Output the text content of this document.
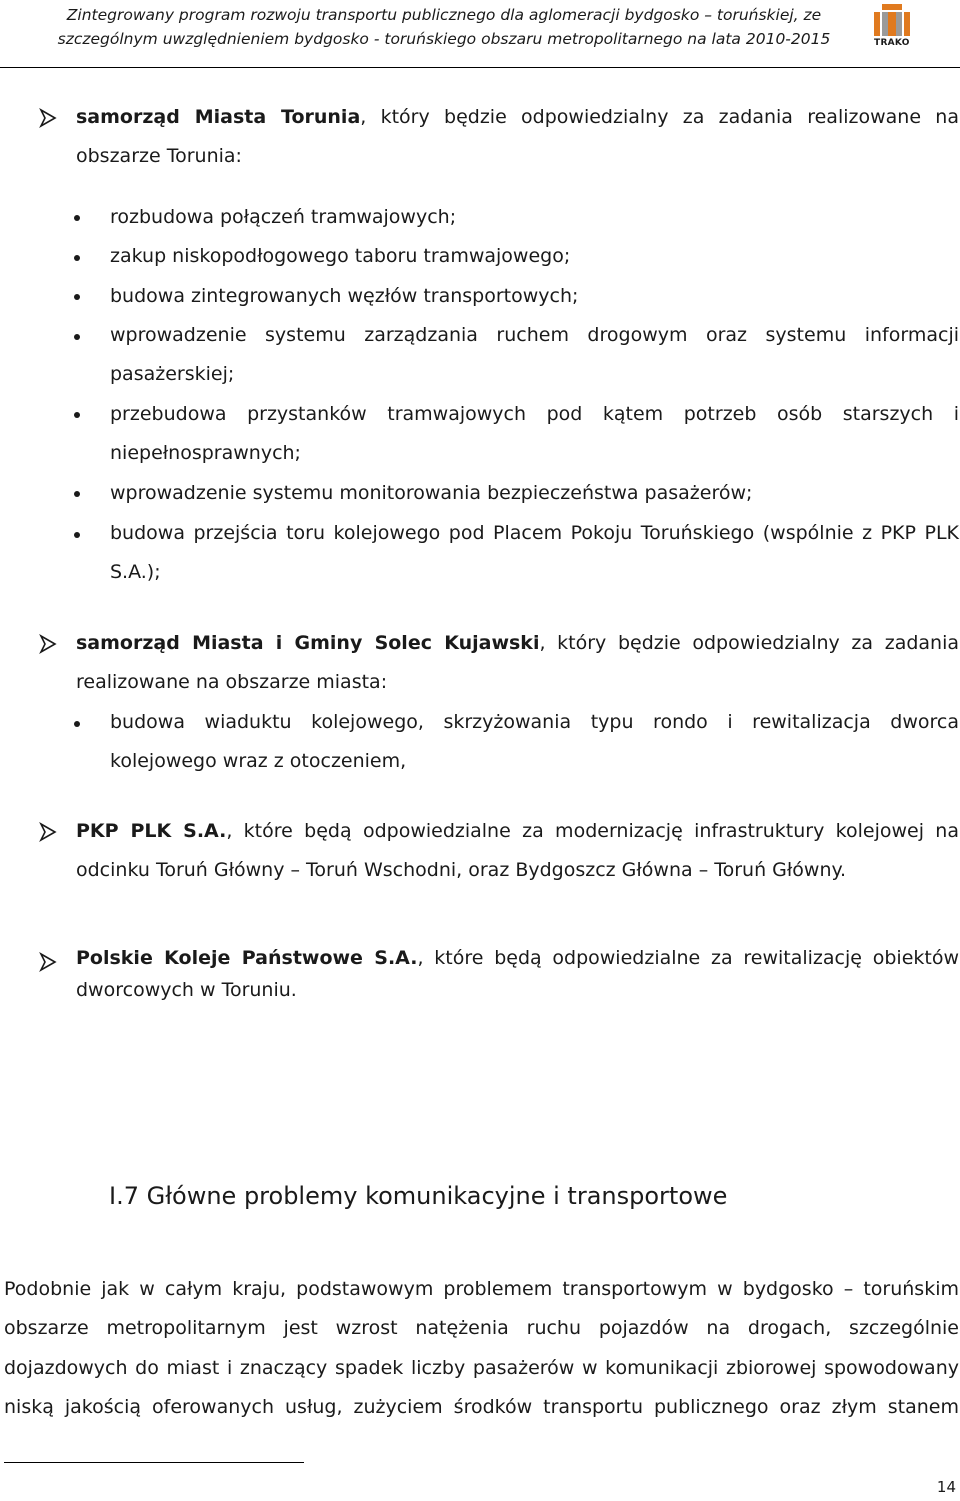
Zintegrowany program rozwoju transportu publicznego dla aglomeracji bydgosko – toruńskiej, ze
szczególnym uwzględnieniem bydgosko - toruńskiego obszaru metropolitarnego na lata 2010-2015	TRAKO
samorząd Miasta Torunia, który będzie odpowiedzialny za zadania realizowane na obszarze Torunia:
rozbudowa połączeń tramwajowych;
zakup niskopodłogowego taboru tramwajowego;
budowa zintegrowanych węzłów transportowych;
wprowadzenie systemu zarządzania ruchem drogowym oraz systemu informacji pasażerskiej;
przebudowa przystanków tramwajowych pod kątem potrzeb osób starszych i niepełnosprawnych;
wprowadzenie systemu monitorowania bezpieczeństwa pasażerów;
budowa przejścia toru kolejowego pod Placem Pokoju Toruńskiego (wspólnie z PKP PLK S.A.);
samorząd Miasta i Gminy Solec Kujawski, który będzie odpowiedzialny za zadania realizowane na obszarze miasta:
budowa wiaduktu kolejowego, skrzyżowania typu rondo i rewitalizacja dworca kolejowego wraz z otoczeniem,
PKP PLK S.A., które będą odpowiedzialne za modernizację infrastruktury kolejowej na odcinku Toruń Główny – Toruń Wschodni, oraz Bydgoszcz Główna – Toruń Główny.
Polskie Koleje Państwowe S.A., które będą odpowiedzialne za rewitalizację obiektów dworcowych w Toruniu.
I.7 Główne problemy komunikacyjne i transportowe
Podobnie jak w całym kraju, podstawowym problemem transportowym w bydgosko – toruńskim obszarze metropolitarnym jest wzrost natężenia ruchu pojazdów na drogach, szczególnie dojazdowych do miast i znaczący spadek liczby pasażerów w komunikacji zbiorowej spowodowany niską jakością oferowanych usług, zużyciem środków transportu publicznego oraz złym stanem
14
